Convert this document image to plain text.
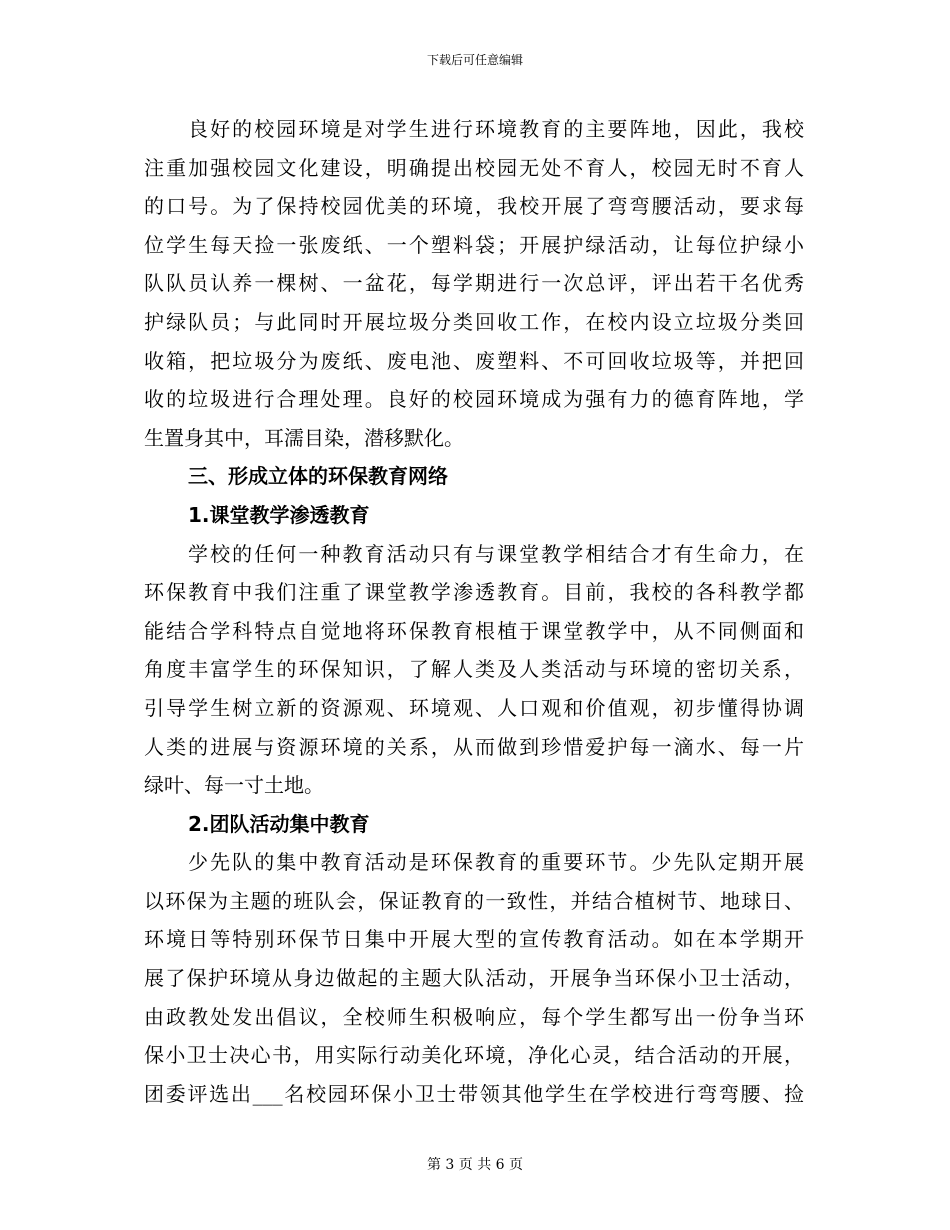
下载后可任意编辑
良好的校园环境是对学生进行环境教育的主要阵地，因此，我校
注重加强校园文化建设，明确提出校园无处不育人，校园无时不育人
的口号。为了保持校园优美的环境，我校开展了弯弯腰活动，要求每
位学生每天捡一张废纸、一个塑料袋；开展护绿活动，让每位护绿小
队队员认养一棵树、一盆花，每学期进行一次总评，评出若干名优秀
护绿队员；与此同时开展垃圾分类回收工作，在校内设立垃圾分类回
收箱，把垃圾分为废纸、废电池、废塑料、不可回收垃圾等，并把回
收的垃圾进行合理处理。良好的校园环境成为强有力的德育阵地，学
生置身其中，耳濡目染，潜移默化。
三、形成立体的环保教育网络
1.课堂教学渗透教育
学校的任何一种教育活动只有与课堂教学相结合才有生命力，在
环保教育中我们注重了课堂教学渗透教育。目前，我校的各科教学都
能结合学科特点自觉地将环保教育根植于课堂教学中，从不同侧面和
角度丰富学生的环保知识，了解人类及人类活动与环境的密切关系，
引导学生树立新的资源观、环境观、人口观和价值观，初步懂得协调
人类的进展与资源环境的关系，从而做到珍惜爱护每一滴水、每一片
绿叶、每一寸土地。
2.团队活动集中教育
少先队的集中教育活动是环保教育的重要环节。少先队定期开展
以环保为主题的班队会，保证教育的一致性，并结合植树节、地球日、
环境日等特别环保节日集中开展大型的宣传教育活动。如在本学期开
展了保护环境从身边做起的主题大队活动，开展争当环保小卫士活动，
由政教处发出倡议，全校师生积极响应，每个学生都写出一份争当环
保小卫士决心书，用实际行动美化环境，净化心灵，结合活动的开展，
团委评选出___名校园环保小卫士带领其他学生在学校进行弯弯腰、捡
第 3 页 共 6 页
